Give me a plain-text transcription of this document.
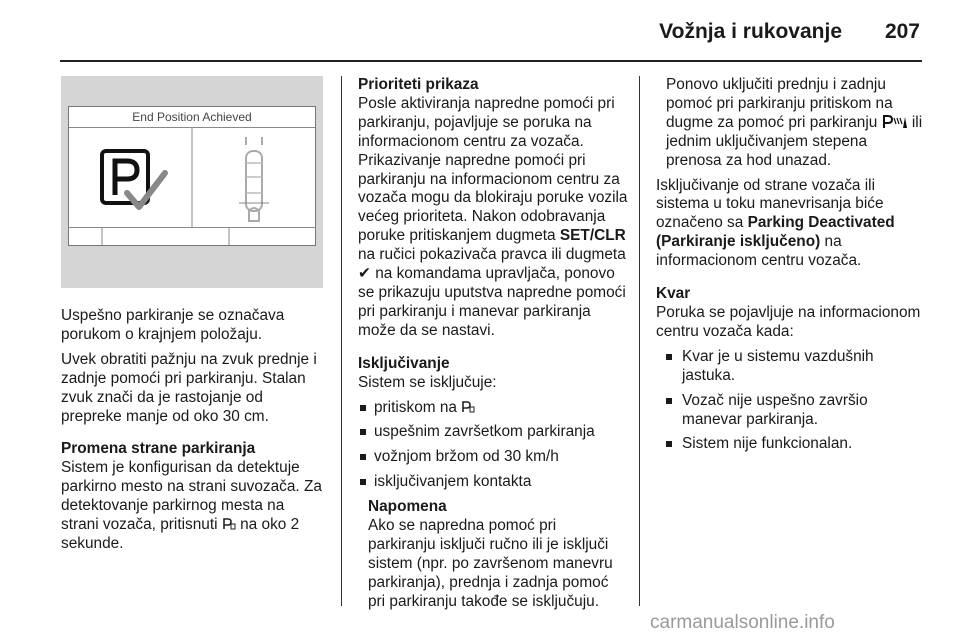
Vožnja i rukovanje 207
End Position Achieved

Uspešno parkiranje se označava porukom o krajnjem položaju.

Uvek obratiti pažnju na zvuk prednje i zadnje pomoći pri parkiranju. Stalan zvuk znači da je rastojanje od prepreke manje od oko 30 cm.

Promena strane parkiranja

Sistem je konfigurisan da detektuje parkirno mesto na strani suvozača. Za detektovanje parkirnog mesta na strani vozača, pritisnuti na oko 2 sekunde.

Prioriteti prikaza

Posle aktiviranja napredne pomoći pri parkiranju, pojavljuje se poruka na informacionom centru za vozača. Prikazivanje napredne pomoći pri parkiranju na informacionom centru za vozača mogu da blokiraju poruke vozila većeg prioriteta. Nakon odobravanja poruke pritiskanjem dugmeta SET/CLR na ručici pokazivača pravca ili dugmeta ✔ na komandama upravljača, ponovo se prikazuju uputstva napredne pomoći pri parkiranju i manevar parkiranja može da se nastavi.

Isključivanje

Sistem se isključuje:

pritiskom na

uspešnim završetkom parkiranja

vožnjom bržom od 30 km/h

isključivanjem kontakta

Napomena

Ako se napredna pomoć pri parkiranju isključi ručno ili je isključi sistem (npr. po završenom manevru parkiranja), prednja i zadnja pomoć pri parkiranju takođe se isključuju.

Ponovo uključiti prednju i zadnju pomoć pri parkiranju pritiskom na dugme za pomoć pri parkiranju ili jednim uključivanjem stepena prenosa za hod unazad.

Isključivanje od strane vozača ili sistema u toku manevrisanja biće označeno sa Parking Deactivated (Parkiranje isključeno) na informacionom centru vozača.

Kvar

Poruka se pojavljuje na informacionom centru vozača kada:

Kvar je u sistemu vazdušnih jastuka.

Vozač nije uspešno završio manevar parkiranja.

Sistem nije funkcionalan.

carmanualsonline.info
